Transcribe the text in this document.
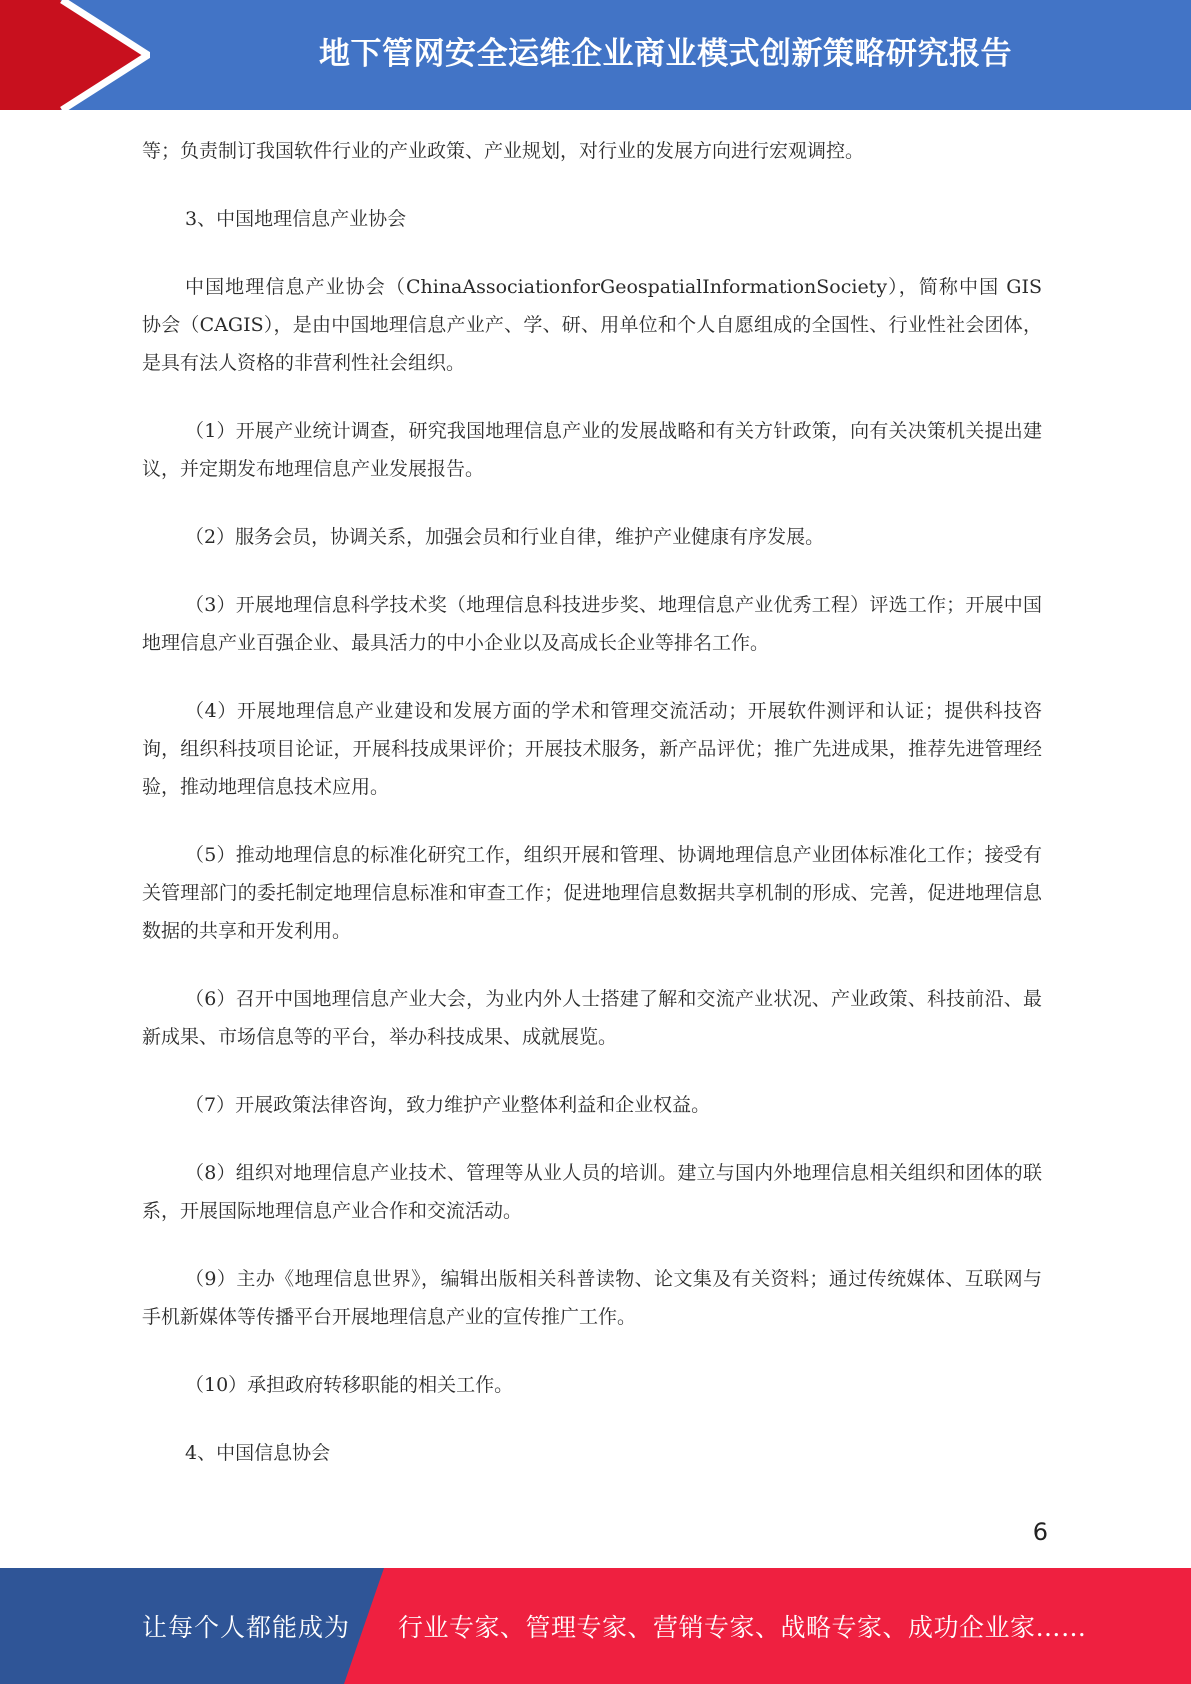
地下管网安全运维企业商业模式创新策略研究报告

等；负责制订我国软件行业的产业政策、产业规划，对行业的发展方向进行宏观调控。

3、中国地理信息产业协会

中国地理信息产业协会（ChinaAssociationforGeospatialInformationSociety），简称中国 GIS 协会（CAGIS），是由中国地理信息产业产、学、研、用单位和个人自愿组成的全国性、行业性社会团体，是具有法人资格的非营利性社会组织。

（1）开展产业统计调查，研究我国地理信息产业的发展战略和有关方针政策，向有关决策机关提出建议，并定期发布地理信息产业发展报告。

（2）服务会员，协调关系，加强会员和行业自律，维护产业健康有序发展。

（3）开展地理信息科学技术奖（地理信息科技进步奖、地理信息产业优秀工程）评选工作；开展中国地理信息产业百强企业、最具活力的中小企业以及高成长企业等排名工作。

（4）开展地理信息产业建设和发展方面的学术和管理交流活动；开展软件测评和认证；提供科技咨询，组织科技项目论证，开展科技成果评价；开展技术服务，新产品评优；推广先进成果，推荐先进管理经验，推动地理信息技术应用。

（5）推动地理信息的标准化研究工作，组织开展和管理、协调地理信息产业团体标准化工作；接受有关管理部门的委托制定地理信息标准和审查工作；促进地理信息数据共享机制的形成、完善，促进地理信息数据的共享和开发利用。

（6）召开中国地理信息产业大会，为业内外人士搭建了解和交流产业状况、产业政策、科技前沿、最新成果、市场信息等的平台，举办科技成果、成就展览。

（7）开展政策法律咨询，致力维护产业整体利益和企业权益。

（8）组织对地理信息产业技术、管理等从业人员的培训。建立与国内外地理信息相关组织和团体的联系，开展国际地理信息产业合作和交流活动。

（9）主办《地理信息世界》，编辑出版相关科普读物、论文集及有关资料；通过传统媒体、互联网与手机新媒体等传播平台开展地理信息产业的宣传推广工作。

（10）承担政府转移职能的相关工作。

4、中国信息协会

6
让每个人都能成为 行业专家、管理专家、营销专家、战略专家、成功企业家……
